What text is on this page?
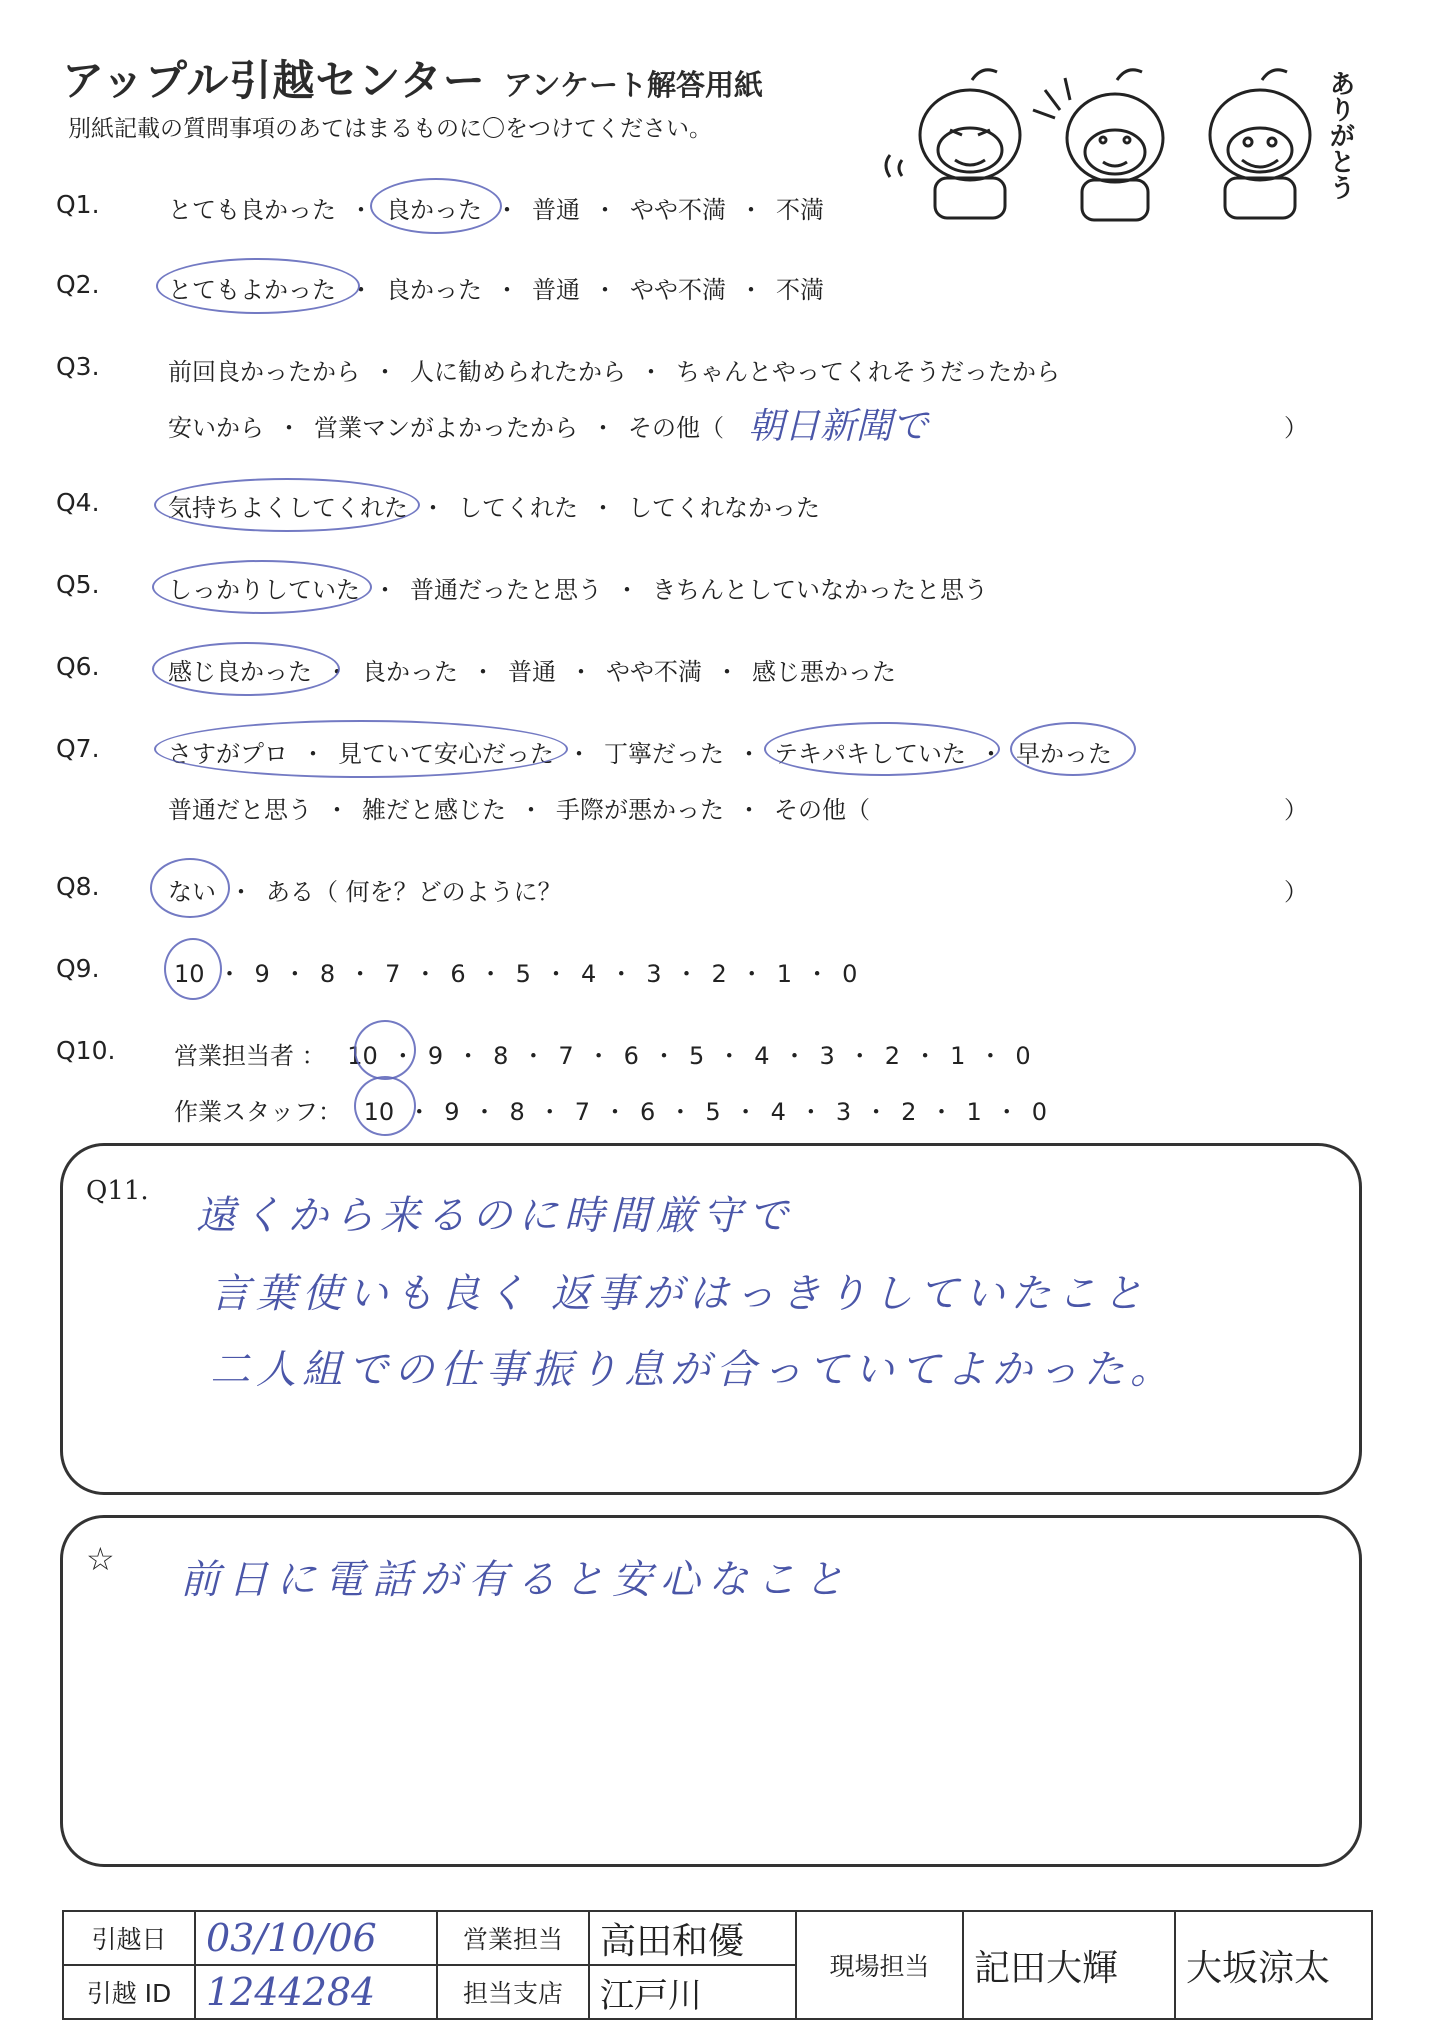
アップル引越センター アンケート解答用紙
別紙記載の質問事項のあてはまるものに〇をつけてください。	ありがとう
Q1.	とても良かった ・ 良かった ・ 普通 ・ やや不満 ・ 不満
Q2.	とてもよかった ・ 良かった ・ 普通 ・ やや不満 ・ 不満
Q3.	前回良かったから ・ 人に勧められたから ・ ちゃんとやってくれそうだったから
安いから ・ 営業マンがよかったから ・ その他（ 朝日新聞で	）
Q4.	気持ちよくしてくれた ・ してくれた ・ してくれなかった
Q5.	しっかりしていた ・ 普通だったと思う ・ きちんとしていなかったと思う
Q6.	感じ良かった ・ 良かった ・ 普通 ・ やや不満 ・ 感じ悪かった
Q7.	さすがプロ ・ 見ていて安心だった ・ 丁寧だった ・ テキパキしていた ・ 早かった
普通だと思う ・ 雑だと感じた ・ 手際が悪かった ・ その他（	）
Q8.	ない ・ ある（ 何を？どのように？	）
Q9.	10 ・ 9 ・ 8 ・ 7 ・ 6 ・ 5 ・ 4 ・ 3 ・ 2 ・ 1 ・ 0
Q10. 営業担当者 ： 10 ・ 9 ・ 8 ・ 7 ・ 6 ・ 5 ・ 4 ・ 3 ・ 2 ・ 1 ・ 0
作業スタッフ： 10 ・ 9 ・ 8 ・ 7 ・ 6 ・ 5 ・ 4 ・ 3 ・ 2 ・ 1 ・ 0
Q11.
遠くから来るのに時間厳守で
言葉使いも良く 返事がはっきりしていたこと
二人組での仕事振り息が合っていてよかった。
☆ 前日に電話が有ると安心なこと
引越日	03/10/06	営業担当	高田和優	現場担当	記田大輝	大坂涼太
引越 ID	1244284	担当支店	江戸川			
